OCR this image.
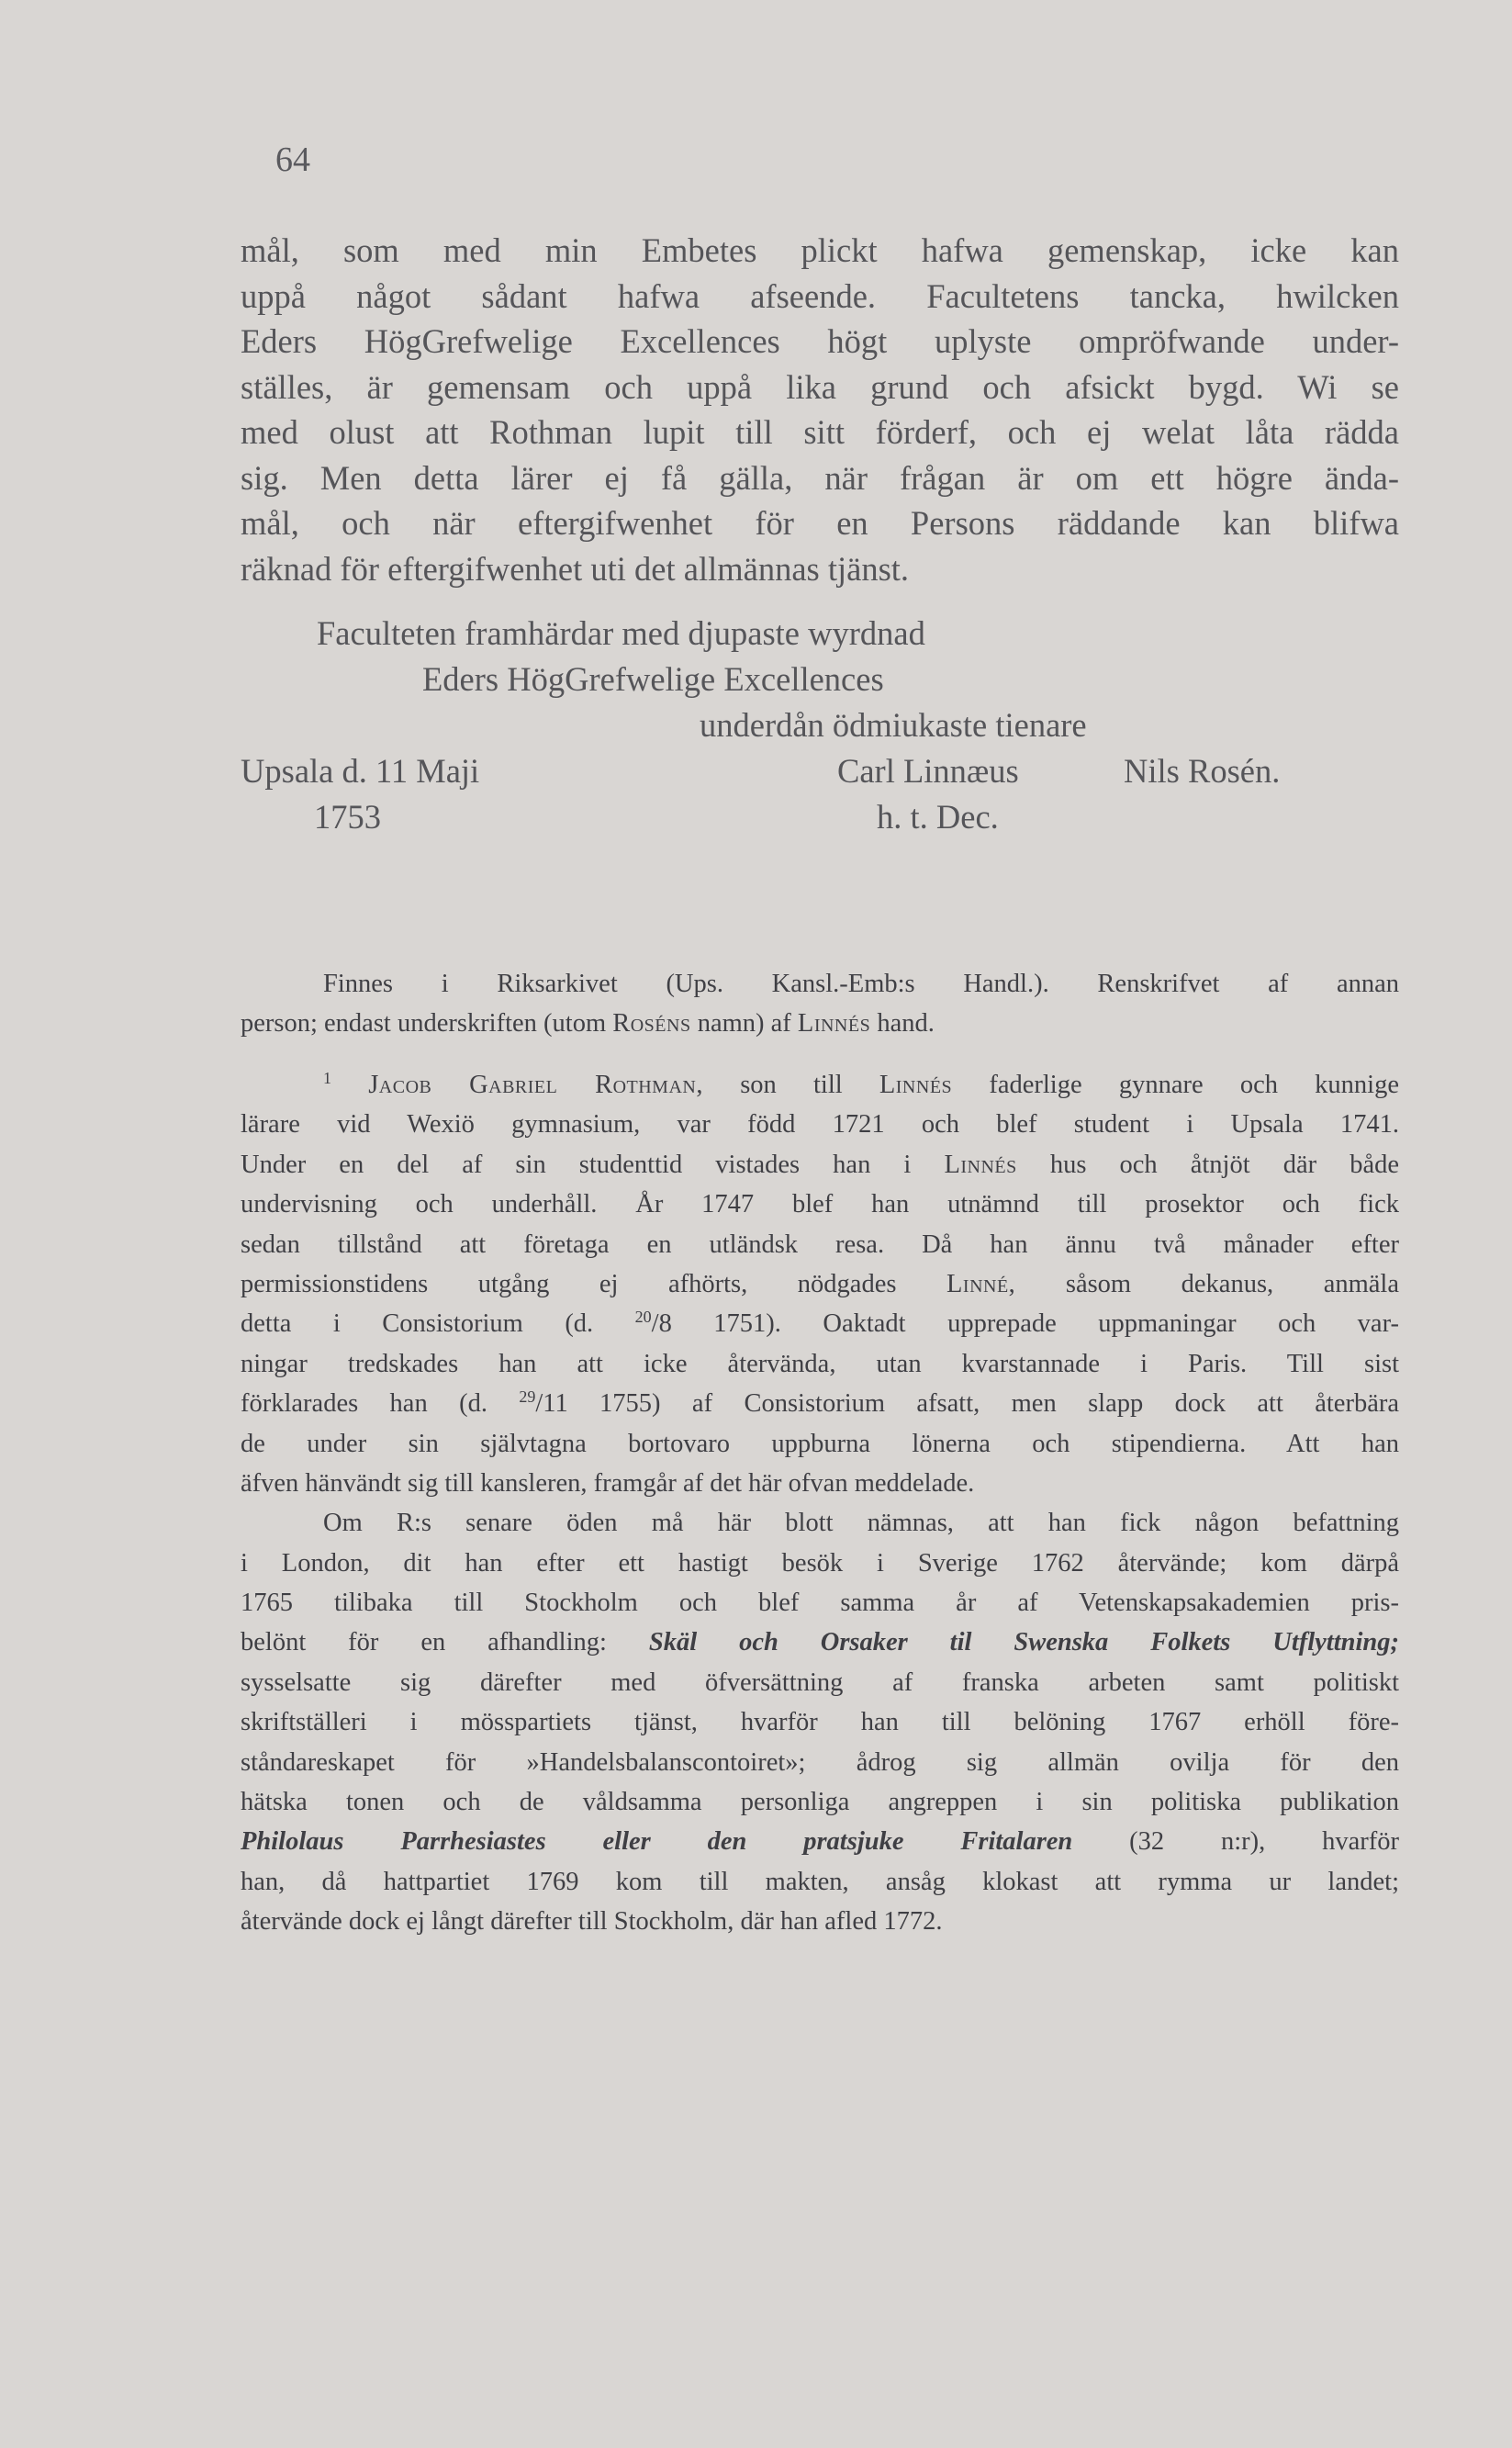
64
mål, som med min Embetes plickt hafwa gemenskap, icke kan
uppå något sådant hafwa afseende. Facultetens tancka, hwilcken
Eders HögGrefwelige Excellences högt uplyste ompröfwande under-
ställes, är gemensam och uppå lika grund och afsickt bygd. Wi se
med olust att Rothman lupit till sitt förderf, och ej welat låta rädda
sig. Men detta lärer ej få gälla, när frågan är om ett högre ända-
mål, och när eftergifwenhet för en Persons räddande kan blifwa
räknad för eftergifwenhet uti det allmännas tjänst.
Faculteten framhärdar med djupaste wyrdnad
Eders HögGrefwelige Excellences
underdån ödmiukaste tienare
Upsala d. 11 Maji
1753
Carl Linnæus
h. t. Dec.
Nils Rosén.
Finnes i Riksarkivet (Ups. Kansl.-Emb:s Handl.). Renskrifvet af annan
person; endast underskriften (utom Roséns namn) af Linnés hand.
$^1$ Jacob Gabriel Rothman, son till Linnés faderlige gynnare och kunnige
lärare vid Wexiö gymnasium, var född 1721 och blef student i Upsala 1741.
Under en del af sin studenttid vistades han i Linnés hus och åtnjöt där både
undervisning och underhåll. År 1747 blef han utnämnd till prosektor och fick
sedan tillstånd att företaga en utländsk resa. Då han ännu två månader efter
permissionstidens utgång ej afhörts, nödgades Linné, såsom dekanus, anmäla
detta i Consistorium (d. $^{20}$/8 1751). Oaktadt upprepade uppmaningar och var-
ningar tredskades han att icke återvända, utan kvarstannade i Paris. Till sist
förklarades han (d. $^{29}$/11 1755) af Consistorium afsatt, men slapp dock att återbära
de under sin självtagna bortovaro uppburna lönerna och stipendierna. Att han
äfven hänvändt sig till kansleren, framgår af det här ofvan meddelade.
Om R:s senare öden må här blott nämnas, att han fick någon befattning
i London, dit han efter ett hastigt besök i Sverige 1762 återvände; kom därpå
1765 tilibaka till Stockholm och blef samma år af Vetenskapsakademien pris-
belönt för en afhandling: Skäl och Orsaker til Swenska Folkets Utflyttning;
sysselsatte sig därefter med öfversättning af franska arbeten samt politiskt
skriftställeri i mösspartiets tjänst, hvarför han till belöning 1767 erhöll före-
ståndareskapet för »Handelsbalanscontoiret»; ådrog sig allmän ovilja för den
hätska tonen och de våldsamma personliga angreppen i sin politiska publikation
Philolaus Parrhesiastes eller den pratsjuke Fritalaren (32 n:r), hvarför
han, då hattpartiet 1769 kom till makten, ansåg klokast att rymma ur landet;
återvände dock ej långt därefter till Stockholm, där han afled 1772.
